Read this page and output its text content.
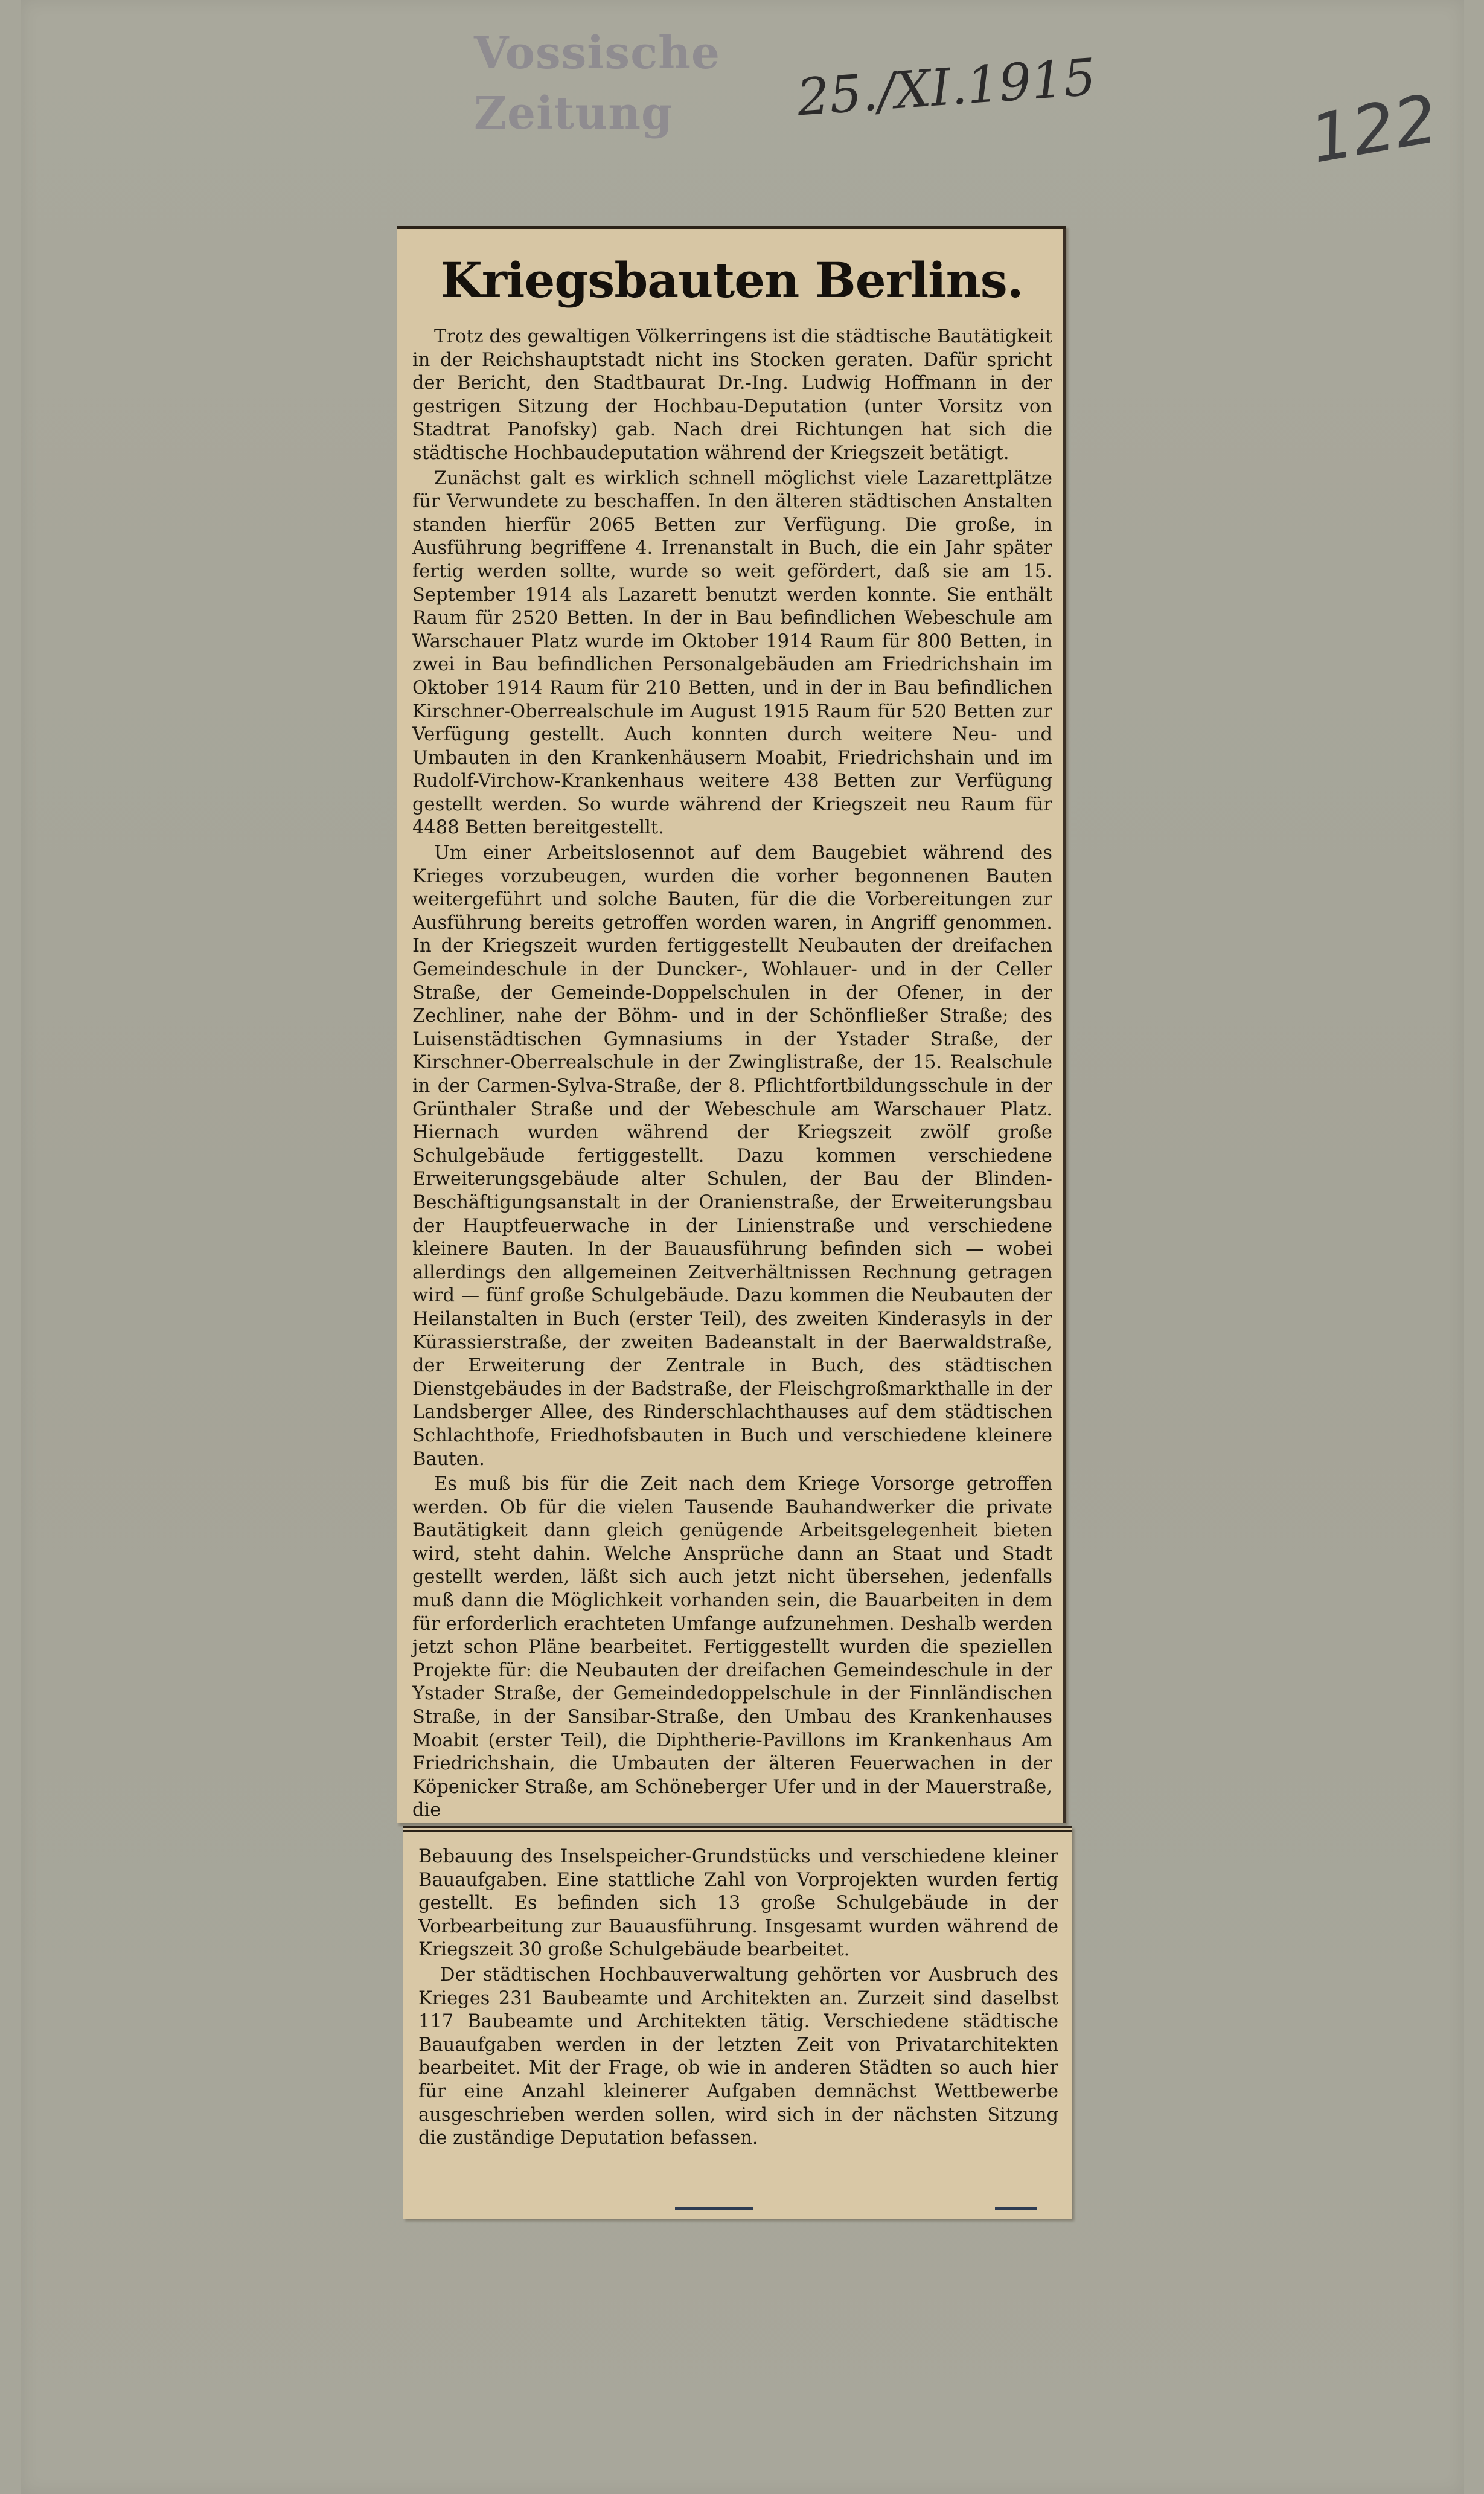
Vossische Zeitung	25./XI.1915	122
Kriegsbauten Berlins.

Trotz des gewaltigen Völkerringens ist die städtische Bautätigkeit in der Reichshauptstadt nicht ins Stocken geraten. Dafür spricht der Bericht, den Stadtbaurat Dr.-Ing. Ludwig Hoffmann in der gestrigen Sitzung der Hochbau-Deputation (unter Vorsitz von Stadtrat Panofsky) gab. Nach drei Richtungen hat sich die städtische Hochbaudeputation während der Kriegszeit betätigt.

Zunächst galt es wirklich schnell möglichst viele Lazarettplätze für Verwundete zu beschaffen. In den älteren städtischen Anstalten standen hierfür 2065 Betten zur Verfügung. Die große, in Ausführung begriffene 4. Irrenanstalt in Buch, die ein Jahr später fertig werden sollte, wurde so weit gefördert, daß sie am 15. September 1914 als Lazarett benutzt werden konnte. Sie enthält Raum für 2520 Betten. In der in Bau befindlichen Webeschule am Warschauer Platz wurde im Oktober 1914 Raum für 800 Betten, in zwei in Bau befindlichen Personalgebäuden am Friedrichshain im Oktober 1914 Raum für 210 Betten, und in der in Bau befindlichen Kirschner-Oberrealschule im August 1915 Raum für 520 Betten zur Verfügung gestellt. Auch konnten durch weitere Neu- und Umbauten in den Krankenhäusern Moabit, Friedrichshain und im Rudolf-Virchow-Krankenhaus weitere 438 Betten zur Verfügung gestellt werden. So wurde während der Kriegszeit neu Raum für 4488 Betten bereitgestellt.

Um einer Arbeitslosennot auf dem Baugebiet während des Krieges vorzubeugen, wurden die vorher begonnenen Bauten weitergeführt und solche Bauten, für die die Vorbereitungen zur Ausführung bereits getroffen worden waren, in Angriff genommen. In der Kriegszeit wurden fertiggestellt Neubauten der dreifachen Gemeindeschule in der Duncker-, Wohlauer- und in der Celler Straße, der Gemeinde-Doppelschulen in der Ofener, in der Zechliner, nahe der Böhm- und in der Schönfließer Straße; des Luisenstädtischen Gymnasiums in der Ystader Straße, der Kirschner-Oberrealschule in der Zwinglistraße, der 15. Realschule in der Carmen-Sylva-Straße, der 8. Pflichtfortbildungsschule in der Grünthaler Straße und der Webeschule am Warschauer Platz. Hiernach wurden während der Kriegszeit zwölf große Schulgebäude fertiggestellt. Dazu kommen verschiedene Erweiterungsgebäude alter Schulen, der Bau der Blinden-Beschäftigungsanstalt in der Oranienstraße, der Erweiterungsbau der Hauptfeuerwache in der Linienstraße und verschiedene kleinere Bauten. In der Bauausführung befinden sich — wobei allerdings den allgemeinen Zeitverhältnissen Rechnung getragen wird — fünf große Schulgebäude. Dazu kommen die Neubauten der Heilanstalten in Buch (erster Teil), des zweiten Kinderasyls in der Kürassierstraße, der zweiten Badeanstalt in der Baerwaldstraße, der Erweiterung der Zentrale in Buch, des städtischen Dienstgebäudes in der Badstraße, der Fleischgroßmarkthalle in der Landsberger Allee, des Rinderschlachthauses auf dem städtischen Schlachthofe, Friedhofsbauten in Buch und verschiedene kleinere Bauten.

Es muß bis für die Zeit nach dem Kriege Vorsorge getroffen werden. Ob für die vielen Tausende Bauhandwerker die private Bautätigkeit dann gleich genügende Arbeitsgelegenheit bieten wird, steht dahin. Welche Ansprüche dann an Staat und Stadt gestellt werden, läßt sich auch jetzt nicht übersehen, jedenfalls muß dann die Möglichkeit vorhanden sein, die Bauarbeiten in dem für erforderlich erachteten Umfange aufzunehmen. Deshalb werden jetzt schon Pläne bearbeitet. Fertiggestellt wurden die speziellen Projekte für: die Neubauten der dreifachen Gemeindeschule in der Ystader Straße, der Gemeindedoppelschule in der Finnländischen Straße, in der Sansibar-Straße, den Umbau des Krankenhauses Moabit (erster Teil), die Diphtherie-Pavillons im Krankenhaus Am Friedrichshain, die Umbauten der älteren Feuerwachen in der Köpenicker Straße, am Schöneberger Ufer und in der Mauerstraße, die

Bebauung des Inselspeicher-Grundstücks und verschiedene kleiner Bauaufgaben. Eine stattliche Zahl von Vorprojekten wurden fertig gestellt. Es befinden sich 13 große Schulgebäude in der Vorbearbeitung zur Bauausführung. Insgesamt wurden während de Kriegszeit 30 große Schulgebäude bearbeitet.

Der städtischen Hochbauverwaltung gehörten vor Ausbruch des Krieges 231 Baubeamte und Architekten an. Zurzeit sind daselbst 117 Baubeamte und Architekten tätig. Verschiedene städtische Bauaufgaben werden in der letzten Zeit von Privatarchitekten bearbeitet. Mit der Frage, ob wie in anderen Städten so auch hier für eine Anzahl kleinerer Aufgaben demnächst Wettbewerbe ausgeschrieben werden sollen, wird sich in der nächsten Sitzung die zuständige Deputation befassen.
